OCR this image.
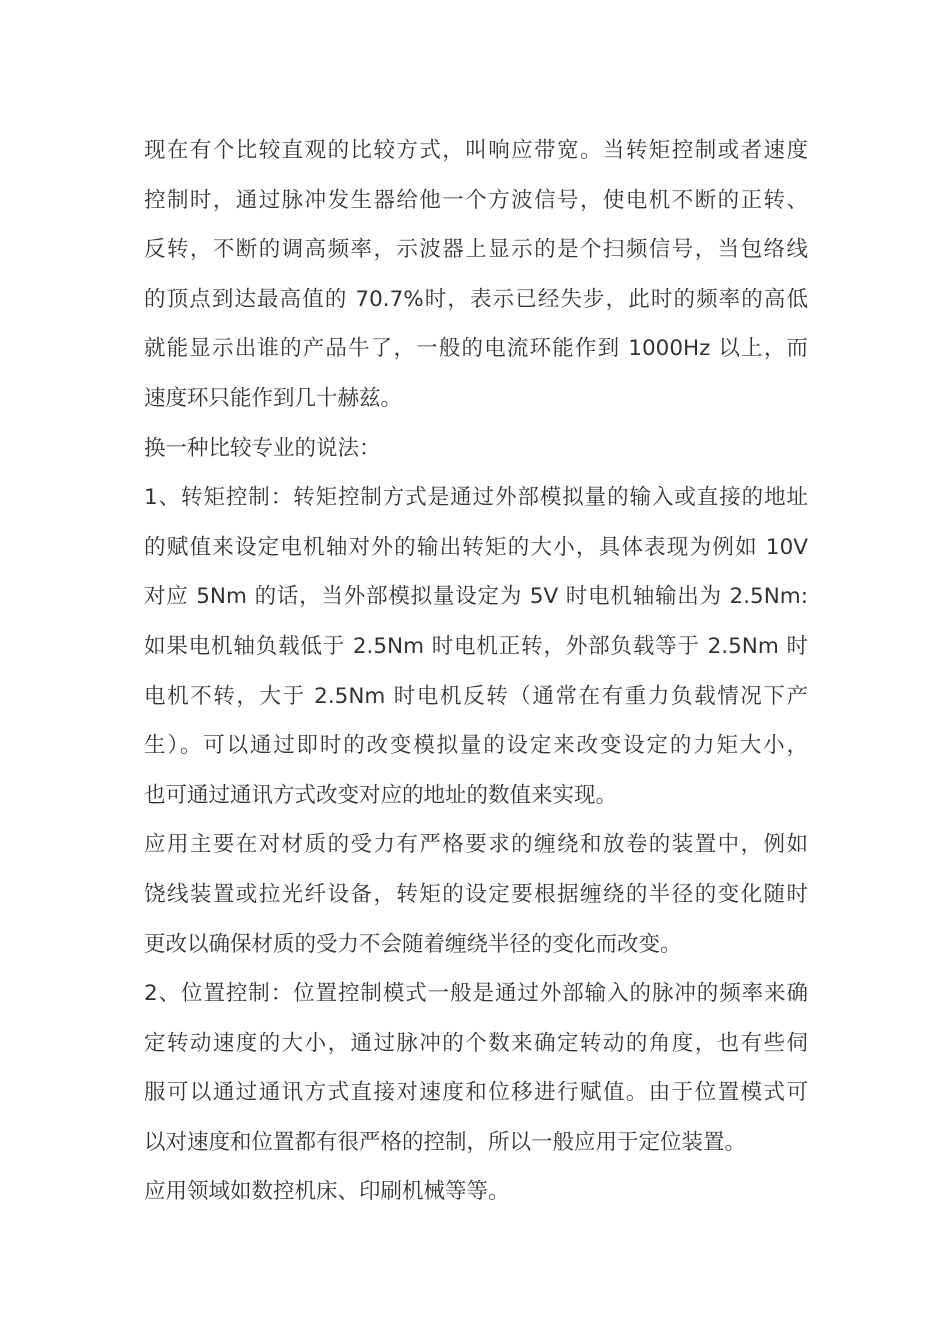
现在有个比较直观的比较方式，叫响应带宽。当转矩控制或者速度
控制时，通过脉冲发生器给他一个方波信号，使电机不断的正转、
反转，不断的调高频率，示波器上显示的是个扫频信号，当包络线
的顶点到达最高值的 70.7%时，表示已经失步，此时的频率的高低
就能显示出谁的产品牛了，一般的电流环能作到 1000Hz 以上，而
速度环只能作到几十赫兹。
换一种比较专业的说法：
1、转矩控制：转矩控制方式是通过外部模拟量的输入或直接的地址
的赋值来设定电机轴对外的输出转矩的大小，具体表现为例如 10V
对应 5Nm 的话，当外部模拟量设定为 5V 时电机轴输出为 2.5Nm:
如果电机轴负载低于 2.5Nm 时电机正转，外部负载等于 2.5Nm 时
电机不转，大于 2.5Nm 时电机反转（通常在有重力负载情况下产
生）。可以通过即时的改变模拟量的设定来改变设定的力矩大小，
也可通过通讯方式改变对应的地址的数值来实现。
应用主要在对材质的受力有严格要求的缠绕和放卷的装置中，例如
饶线装置或拉光纤设备，转矩的设定要根据缠绕的半径的变化随时
更改以确保材质的受力不会随着缠绕半径的变化而改变。
2、位置控制：位置控制模式一般是通过外部输入的脉冲的频率来确
定转动速度的大小，通过脉冲的个数来确定转动的角度，也有些伺
服可以通过通讯方式直接对速度和位移进行赋值。由于位置模式可
以对速度和位置都有很严格的控制，所以一般应用于定位装置。
应用领域如数控机床、印刷机械等等。
